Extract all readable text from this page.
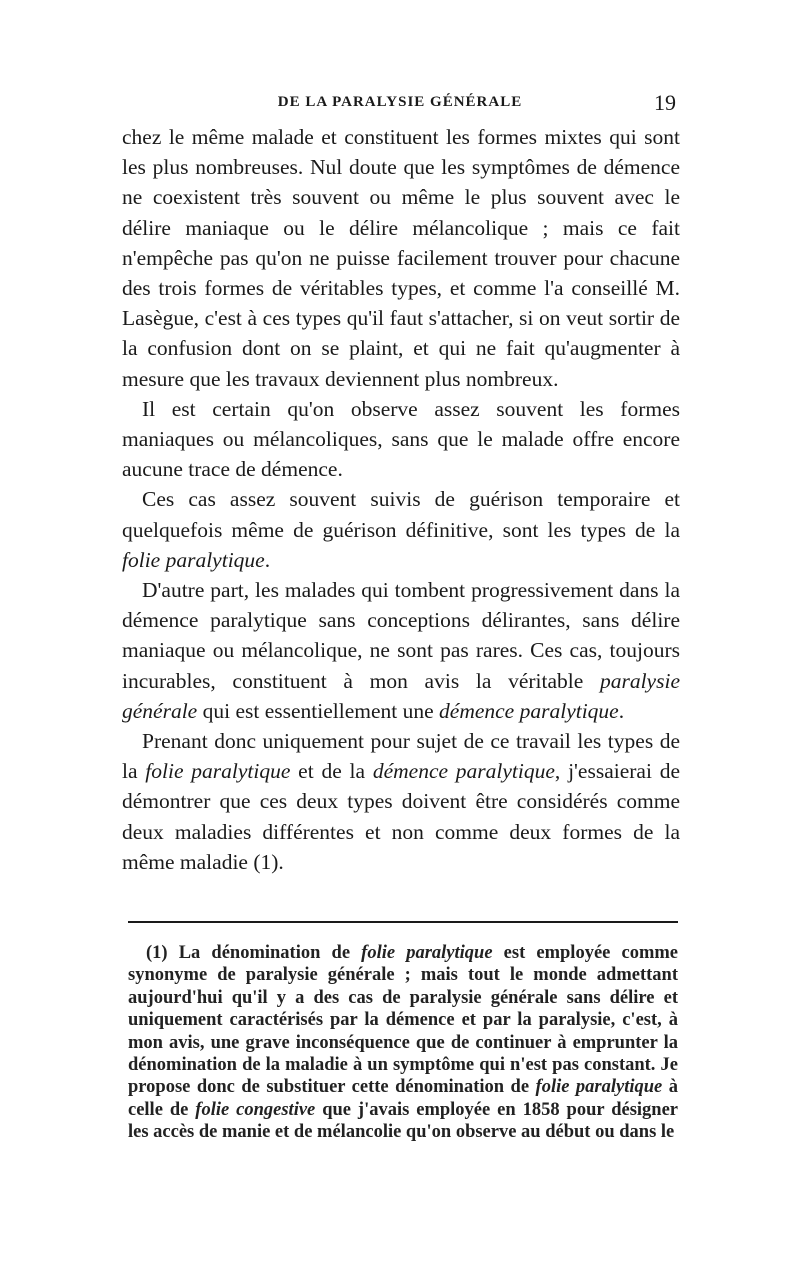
DE LA PARALYSIE GÉNÉRALE	19

chez le même malade et constituent les formes mixtes qui sont les plus nombreuses. Nul doute que les symptômes de démence ne coexistent très souvent ou même le plus souvent avec le délire maniaque ou le délire mélancolique ; mais ce fait n'empêche pas qu'on ne puisse facilement trouver pour chacune des trois formes de véritables types, et comme l'a conseillé M. Lasègue, c'est à ces types qu'il faut s'attacher, si on veut sortir de la confusion dont on se plaint, et qui ne fait qu'augmenter à mesure que les travaux deviennent plus nombreux.

Il est certain qu'on observe assez souvent les formes maniaques ou mélancoliques, sans que le malade offre encore aucune trace de démence.

Ces cas assez souvent suivis de guérison temporaire et quelquefois même de guérison définitive, sont les types de la folie paralytique.

D'autre part, les malades qui tombent progressivement dans la démence paralytique sans conceptions délirantes, sans délire maniaque ou mélancolique, ne sont pas rares. Ces cas, toujours incurables, constituent à mon avis la véritable paralysie générale qui est essentiellement une démence paralytique.

Prenant donc uniquement pour sujet de ce travail les types de la folie paralytique et de la démence paralytique, j'essaierai de démontrer que ces deux types doivent être considérés comme deux maladies différentes et non comme deux formes de la même maladie (1).

(1) La dénomination de folie paralytique est employée comme synonyme de paralysie générale ; mais tout le monde admettant aujourd'hui qu'il y a des cas de paralysie générale sans délire et uniquement caractérisés par la démence et par la paralysie, c'est, à mon avis, une grave inconséquence que de continuer à emprunter la dénomination de la maladie à un symptôme qui n'est pas constant. Je propose donc de substituer cette dénomination de folie paralytique à celle de folie congestive que j'avais employée en 1858 pour désigner les accès de manie et de mélancolie qu'on observe au début ou dans le
